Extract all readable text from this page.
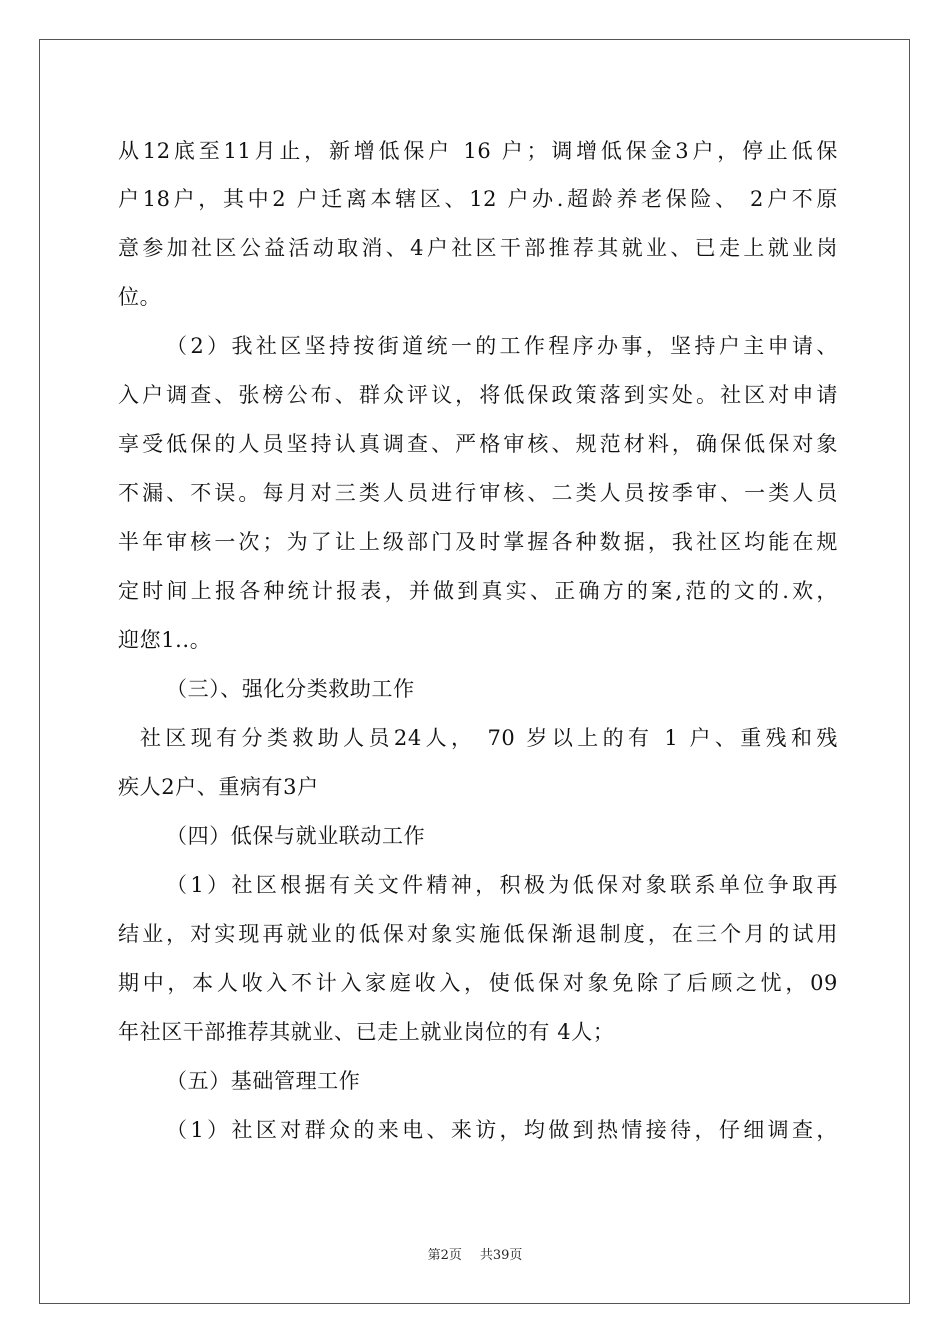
从12底至11月止，新增低保户 16 户；调增低保金3户，停止低保
户18户，其中2 户迁离本辖区、12 户办.超龄养老保险、 2户不原
意参加社区公益活动取消、4户社区干部推荐其就业、已走上就业岗
位。
（2）我社区坚持按街道统一的工作程序办事，坚持户主申请、
入户调查、张榜公布、群众评议，将低保政策落到实处。社区对申请
享受低保的人员坚持认真调查、严格审核、规范材料，确保低保对象
不漏、不误。每月对三类人员进行审核、二类人员按季审、一类人员
半年审核一次；为了让上级部门及时掌握各种数据，我社区均能在规
定时间上报各种统计报表，并做到真实、正确方的案,范的文的.欢，
迎您1..。
（三）、强化分类救助工作
社区现有分类救助人员24人， 70 岁以上的有 1 户、重残和残
疾人2户、重病有3户
（四）低保与就业联动工作
（1）社区根据有关文件精神，积极为低保对象联系单位争取再
结业，对实现再就业的低保对象实施低保渐退制度，在三个月的试用
期中，本人收入不计入家庭收入，使低保对象免除了后顾之忧，09
年社区干部推荐其就业、已走上就业岗位的有 4人；
（五）基础管理工作
（1）社区对群众的来电、来访，均做到热情接待，仔细调查，
第2页 共39页
